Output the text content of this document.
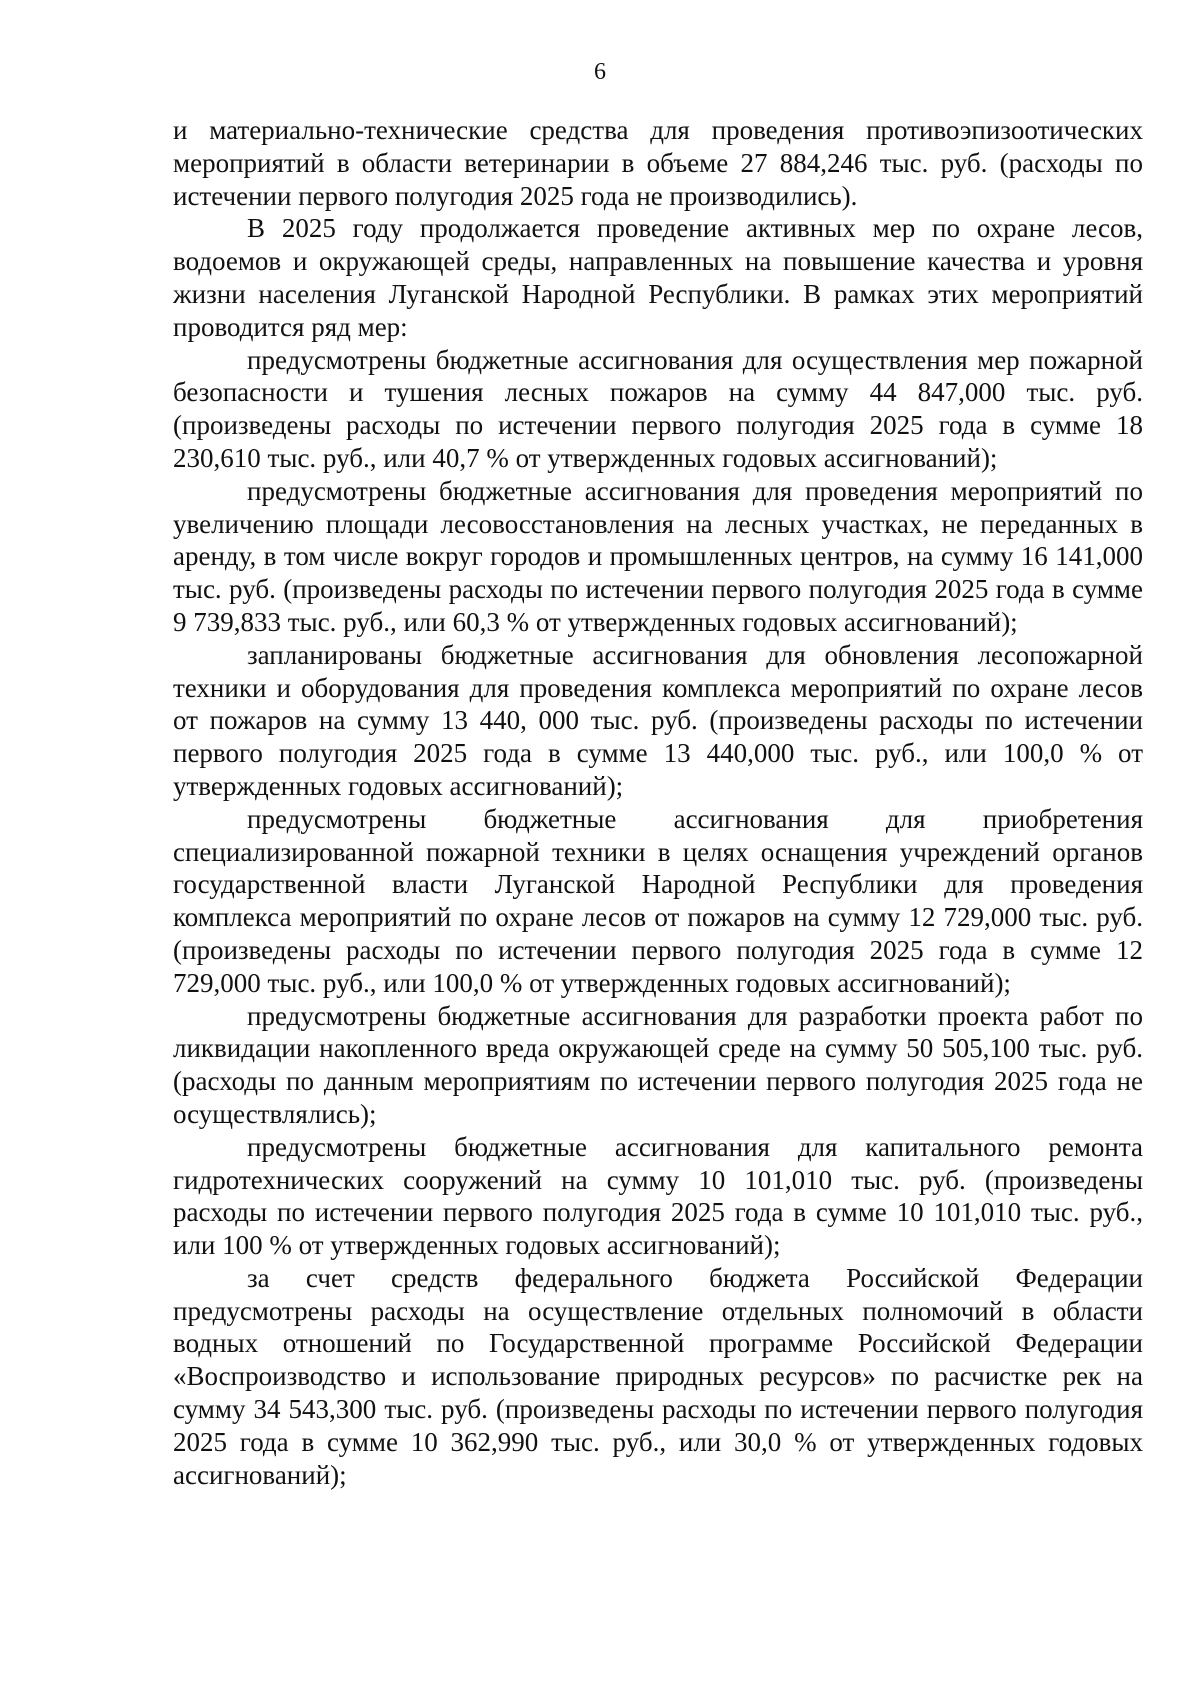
6

и материально-технические средства для проведения противоэпизоотических мероприятий в области ветеринарии в объеме 27 884,246 тыс. руб. (расходы по истечении первого полугодия 2025 года не производились).

В 2025 году продолжается проведение активных мер по охране лесов, водоемов и окружающей среды, направленных на повышение качества и уровня жизни населения Луганской Народной Республики. В рамках этих мероприятий проводится ряд мер:

предусмотрены бюджетные ассигнования для осуществления мер пожарной безопасности и тушения лесных пожаров на сумму 44 847,000 тыс. руб. (произведены расходы по истечении первого полугодия 2025 года в сумме 18 230,610 тыс. руб., или 40,7 % от утвержденных годовых ассигнований);

предусмотрены бюджетные ассигнования для проведения мероприятий по увеличению площади лесовосстановления на лесных участках, не переданных в аренду, в том числе вокруг городов и промышленных центров, на сумму 16 141,000 тыс. руб. (произведены расходы по истечении первого полугодия 2025 года в сумме 9 739,833 тыс. руб., или 60,3 % от утвержденных годовых ассигнований);

запланированы бюджетные ассигнования для обновления лесопожарной техники и оборудования для проведения комплекса мероприятий по охране лесов от пожаров на сумму 13 440, 000 тыс. руб. (произведены расходы по истечении первого полугодия 2025 года в сумме 13 440,000 тыс. руб., или 100,0 % от утвержденных годовых ассигнований);

предусмотрены бюджетные ассигнования для приобретения специализированной пожарной техники в целях оснащения учреждений органов государственной власти Луганской Народной Республики для проведения комплекса мероприятий по охране лесов от пожаров на сумму 12 729,000 тыс. руб. (произведены расходы по истечении первого полугодия 2025 года в сумме 12 729,000 тыс. руб., или 100,0 % от утвержденных годовых ассигнований);

предусмотрены бюджетные ассигнования для разработки проекта работ по ликвидации накопленного вреда окружающей среде на сумму 50 505,100 тыс. руб. (расходы по данным мероприятиям по истечении первого полугодия 2025 года не осуществлялись);

предусмотрены бюджетные ассигнования для капитального ремонта гидротехнических сооружений на сумму 10 101,010 тыс. руб. (произведены расходы по истечении первого полугодия 2025 года в сумме 10 101,010 тыс. руб., или 100 % от утвержденных годовых ассигнований);

за счет средств федерального бюджета Российской Федерации предусмотрены расходы на осуществление отдельных полномочий в области водных отношений по Государственной программе Российской Федерации «Воспроизводство и использование природных ресурсов» по расчистке рек на сумму 34 543,300 тыс. руб. (произведены расходы по истечении первого полугодия 2025 года в сумме 10 362,990 тыс. руб., или 30,0 % от утвержденных годовых ассигнований);
